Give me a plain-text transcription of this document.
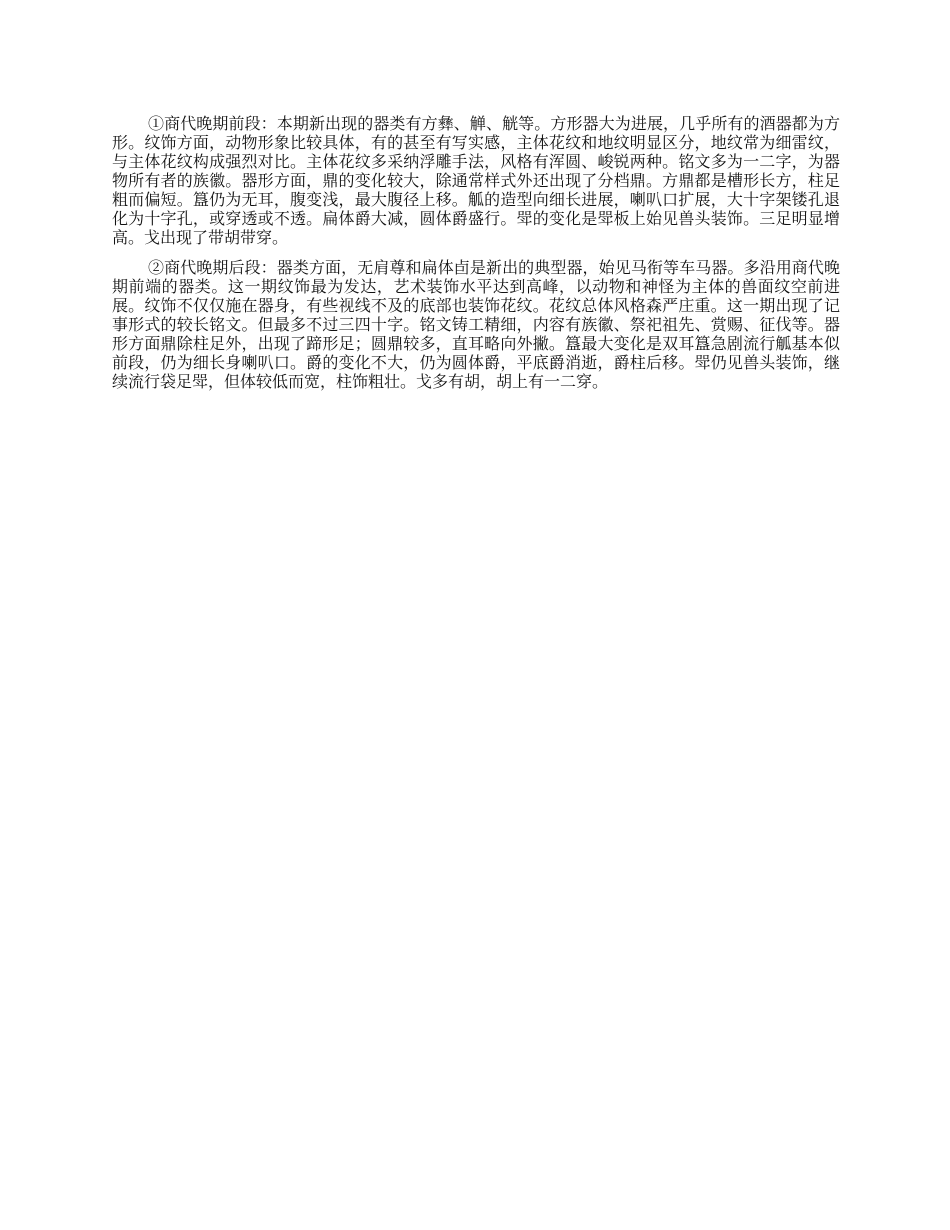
①商代晚期前段：本期新出现的器类有方彝、觯、觥等。方形器大为进展，几乎所有的酒器都为方形。纹饰方面，动物形象比较具体，有的甚至有写实感，主体花纹和地纹明显区分，地纹常为细雷纹，与主体花纹构成强烈对比。主体花纹多采纳浮雕手法，风格有浑圆、峻锐两种。铭文多为一二字，为器物所有者的族徽。器形方面，鼎的变化较大，除通常样式外还出现了分档鼎。方鼎都是槽形长方，柱足粗而偏短。簋仍为无耳，腹变浅，最大腹径上移。觚的造型向细长进展，喇叭口扩展，大十字架镂孔退化为十字孔，或穿透或不透。扁体爵大减，圆体爵盛行。斝的变化是斝板上始见兽头装饰。三足明显增高。戈出现了带胡带穿。

②商代晚期后段：器类方面，无肩尊和扁体卣是新出的典型器，始见马衔等车马器。多沿用商代晚期前端的器类。这一期纹饰最为发达，艺术装饰水平达到高峰，以动物和神怪为主体的兽面纹空前进展。纹饰不仅仅施在器身，有些视线不及的底部也装饰花纹。花纹总体风格森严庄重。这一期出现了记事形式的较长铭文。但最多不过三四十字。铭文铸工精细，内容有族徽、祭祀祖先、赏赐、征伐等。器形方面鼎除柱足外，出现了蹄形足；圆鼎较多，直耳略向外撇。簋最大变化是双耳簋急剧流行觚基本似前段，仍为细长身喇叭口。爵的变化不大，仍为圆体爵，平底爵消逝，爵柱后移。斝仍见兽头装饰，继续流行袋足斝，但体较低而宽，柱饰粗壮。戈多有胡，胡上有一二穿。
